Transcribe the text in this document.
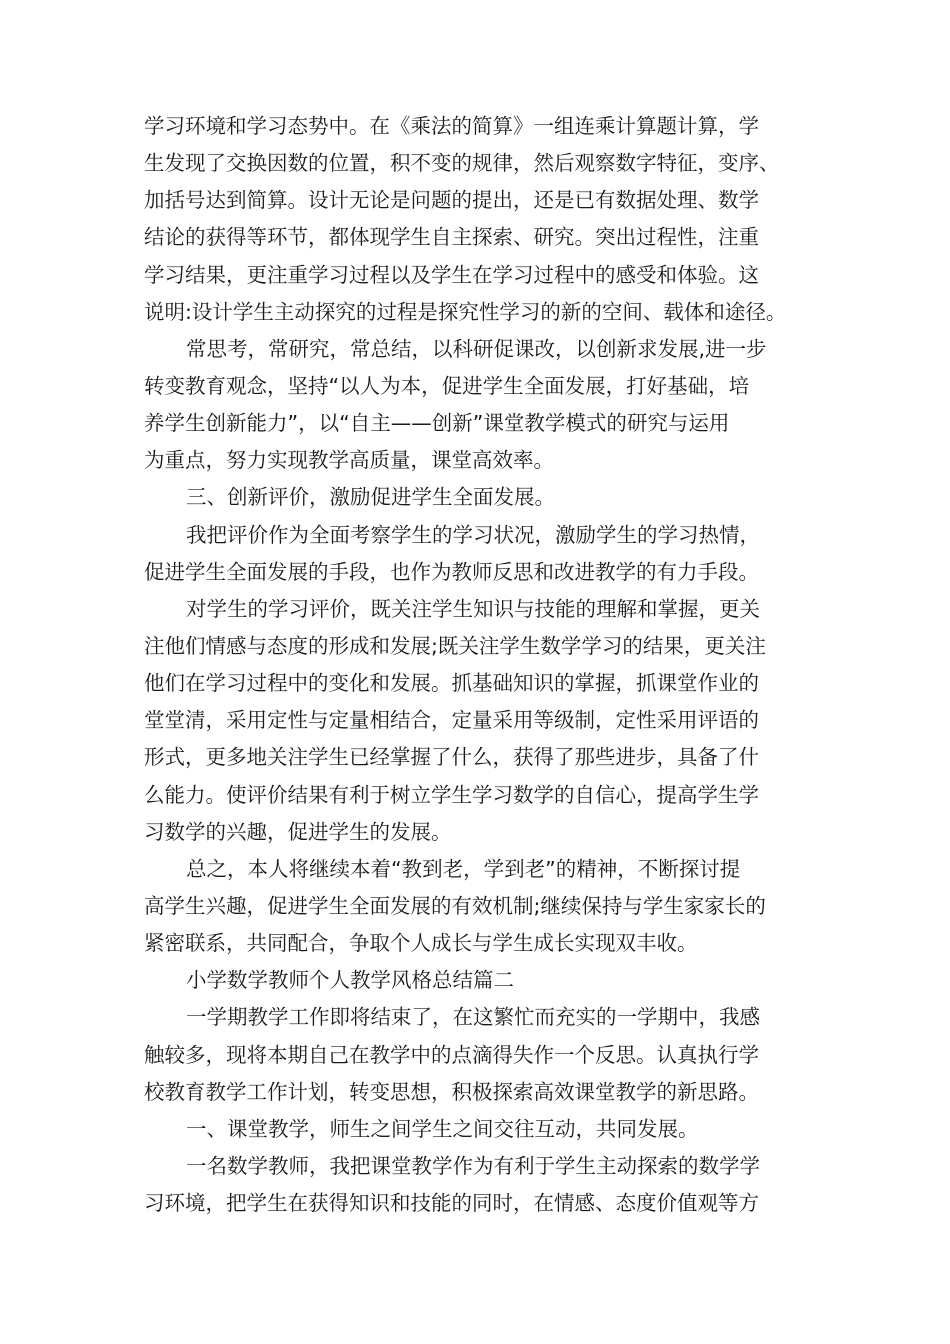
学习环境和学习态势中。在《乘法的简算》一组连乘计算题计算，学
生发现了交换因数的位置，积不变的规律，然后观察数字特征，变序、
加括号达到简算。设计无论是问题的提出，还是已有数据处理、数学
结论的获得等环节，都体现学生自主探索、研究。突出过程性，注重
学习结果，更注重学习过程以及学生在学习过程中的感受和体验。这
说明:设计学生主动探究的过程是探究性学习的新的空间、载体和途径。
常思考，常研究，常总结，以科研促课改，以创新求发展,进一步
转变教育观念，坚持“以人为本，促进学生全面发展，打好基础，培
养学生创新能力”，以“自主——创新”课堂教学模式的研究与运用
为重点，努力实现教学高质量，课堂高效率。
三、创新评价，激励促进学生全面发展。
我把评价作为全面考察学生的学习状况，激励学生的学习热情，
促进学生全面发展的手段，也作为教师反思和改进教学的有力手段。
对学生的学习评价，既关注学生知识与技能的理解和掌握，更关
注他们情感与态度的形成和发展;既关注学生数学学习的结果，更关注
他们在学习过程中的变化和发展。抓基础知识的掌握，抓课堂作业的
堂堂清，采用定性与定量相结合，定量采用等级制，定性采用评语的
形式，更多地关注学生已经掌握了什么，获得了那些进步，具备了什
么能力。使评价结果有利于树立学生学习数学的自信心，提高学生学
习数学的兴趣，促进学生的发展。
总之，本人将继续本着“教到老，学到老”的精神，不断探讨提
高学生兴趣，促进学生全面发展的有效机制;继续保持与学生家家长的
紧密联系，共同配合，争取个人成长与学生成长实现双丰收。
小学数学教师个人教学风格总结篇二
一学期教学工作即将结束了，在这繁忙而充实的一学期中，我感
触较多，现将本期自己在教学中的点滴得失作一个反思。认真执行学
校教育教学工作计划，转变思想，积极探索高效课堂教学的新思路。
一、课堂教学，师生之间学生之间交往互动，共同发展。
一名数学教师，我把课堂教学作为有利于学生主动探索的数学学
习环境，把学生在获得知识和技能的同时，在情感、态度价值观等方
